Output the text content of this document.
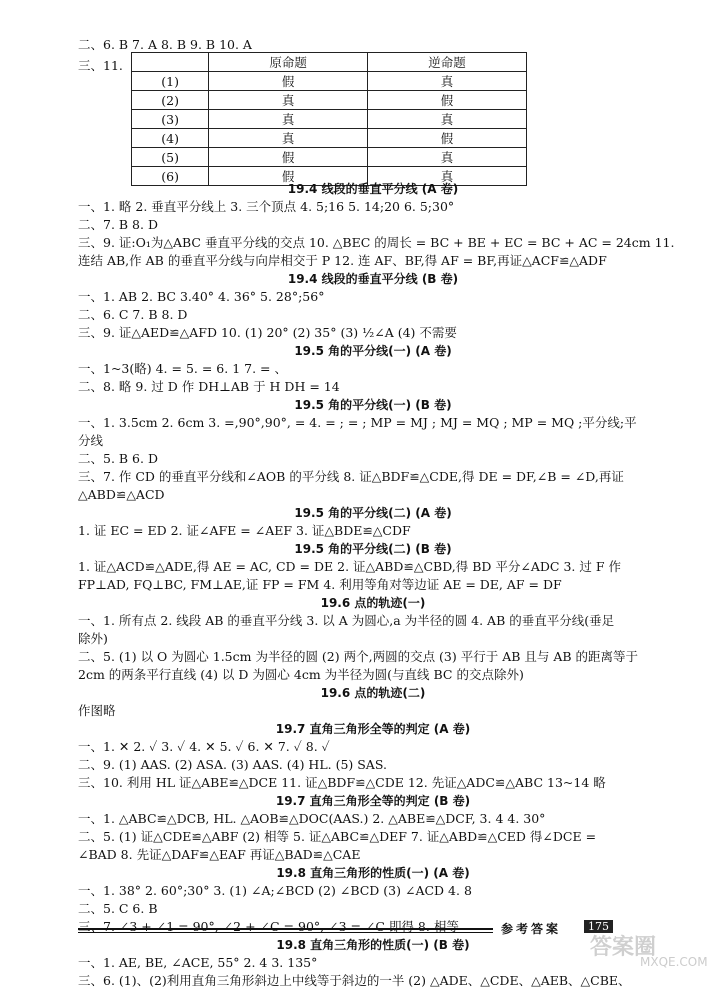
二、6. B 7. A 8. B 9. B 10. A
三、11.
		原命题	逆命题
(1)	假	真
(2)	真	假
(3)	真	真
(4)	真	假
(5)	假	真
(6)	假	真
19.4 线段的垂直平分线 (A 卷)
一、1. 略 2. 垂直平分线上 3. 三个顶点 4. 5;16 5. 14;20 6. 5;30°
二、7. B 8. D
三、9. 证:O₁为△ABC 垂直平分线的交点 10. △BEC 的周长 = BC + BE + EC = BC + AC = 24cm 11.
连结 AB,作 AB 的垂直平分线与向岸相交于 P 12. 连 AF、BF,得 AF = BF,再证△ACF≌△ADF
19.4 线段的垂直平分线 (B 卷)
一、1. AB 2. BC 3.40° 4. 36° 5. 28°;56°
二、6. C 7. B 8. D
三、9. 证△AED≌△AFD 10. (1) 20° (2) 35° (3) ½∠A (4) 不需要
19.5 角的平分线(一) (A 卷)
一、1~3(略) 4. = 5. = 6. 1 7. = 、
二、8. 略 9. 过 D 作 DH⊥AB 于 H DH = 14
19.5 角的平分线(一) (B 卷)
一、1. 3.5cm 2. 6cm 3. =,90°,90°, = 4. = ; = ; MP = MJ ; MJ = MQ ; MP = MQ ;平分线;平
分线
二、5. B 6. D
三、7. 作 CD 的垂直平分线和∠AOB 的平分线 8. 证△BDF≌△CDE,得 DE = DF,∠B = ∠D,再证
△ABD≌△ACD
19.5 角的平分线(二) (A 卷)
1. 证 EC = ED 2. 证∠AFE = ∠AEF 3. 证△BDE≌△CDF
19.5 角的平分线(二) (B 卷)
1. 证△ACD≌△ADE,得 AE = AC, CD = DE 2. 证△ABD≌△CBD,得 BD 平分∠ADC 3. 过 F 作
FP⊥AD, FQ⊥BC, FM⊥AE,证 FP = FM 4. 利用等角对等边证 AE = DE, AF = DF
19.6 点的轨迹(一)
一、1. 所有点 2. 线段 AB 的垂直平分线 3. 以 A 为圆心,a 为半径的圆 4. AB 的垂直平分线(垂足
除外)
二、5. (1) 以 O 为圆心 1.5cm 为半径的圆 (2) 两个,两圆的交点 (3) 平行于 AB 且与 AB 的距离等于
2cm 的两条平行直线 (4) 以 D 为圆心 4cm 为半径为圆(与直线 BC 的交点除外)
19.6 点的轨迹(二)
作图略
19.7 直角三角形全等的判定 (A 卷)
一、1. ✕ 2. ✓ 3. ✓ 4. ✕ 5. ✓ 6. ✕ 7. ✓ 8. ✓
二、9. (1) AAS. (2) ASA. (3) AAS. (4) HL. (5) SAS.
三、10. 利用 HL 证△ABE≌△DCE 11. 证△BDF≌△CDE 12. 先证△ADC≌△ABC 13~14 略
19.7 直角三角形全等的判定 (B 卷)
一、1. △ABC≌△DCB, HL. △AOB≌△DOC(AAS.) 2. △ABE≌△DCF, 3. 4 4. 30°
二、5. (1) 证△CDE≌△ABF (2) 相等 5. 证△ABC≌△DEF 7. 证△ABD≌△CED 得∠DCE =
∠BAD 8. 先证△DAF≌△EAF 再证△BAD≌△CAE
19.8 直角三角形的性质(一) (A 卷)
一、1. 38° 2. 60°;30° 3. (1) ∠A;∠BCD (2) ∠BCD (3) ∠ACD 4. 8
二、5. C 6. B
三、7. ∠3 + ∠1 = 90°, ∠2 + ∠C = 90°, ∠3 = ∠C 即得 8. 相等
19.8 直角三角形的性质(一) (B 卷)
一、1. AE, BE, ∠ACE, 55° 2. 4 3. 135°
三、6. (1)、(2)利用直角三角形斜边上中线等于斜边的一半 (2) △ADE、△CDE、△AEB、△CBE、
参考答案	175
答案圈
MXQE.COM
